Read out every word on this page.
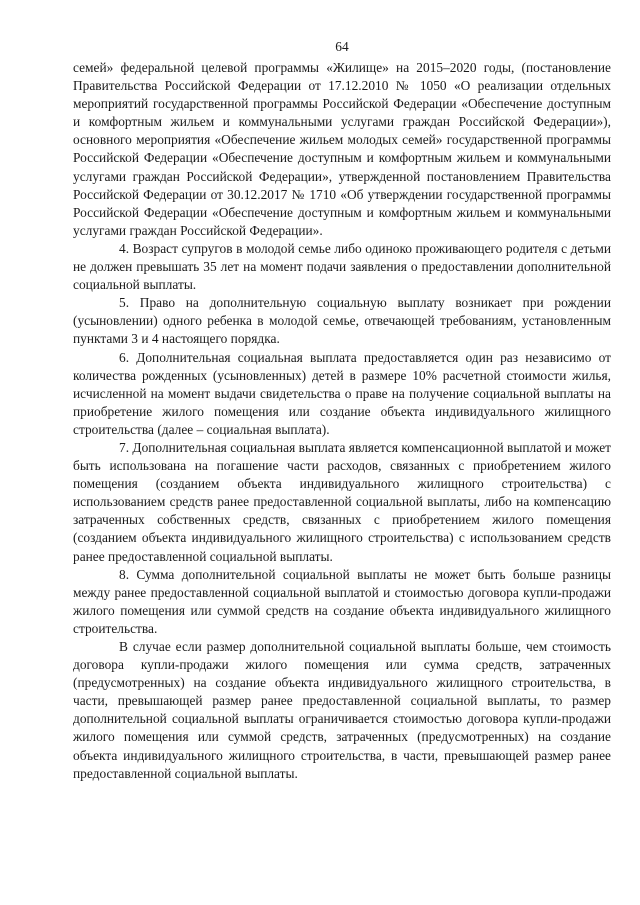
64

семей» федеральной целевой программы «Жилище» на 2015–2020 годы, (постановление Правительства Российской Федерации от 17.12.2010 № 1050 «О реализации отдельных мероприятий государственной программы Российской Федерации «Обеспечение доступным и комфортным жильем и коммунальными услугами граждан Российской Федерации»), основного мероприятия «Обеспечение жильем молодых семей» государственной программы Российской Федерации «Обеспечение доступным и комфортным жильем и коммунальными услугами граждан Российской Федерации», утвержденной постановлением Правительства Российской Федерации от 30.12.2017 № 1710 «Об утверждении государственной программы Российской Федерации «Обеспечение доступным и комфортным жильем и коммунальными услугами граждан Российской Федерации».

4. Возраст супругов в молодой семье либо одиноко проживающего родителя с детьми не должен превышать 35 лет на момент подачи заявления о предоставлении дополнительной социальной выплаты.

5. Право на дополнительную социальную выплату возникает при рождении (усыновлении) одного ребенка в молодой семье, отвечающей требованиям, установленным пунктами 3 и 4 настоящего порядка.

6. Дополнительная социальная выплата предоставляется один раз независимо от количества рожденных (усыновленных) детей в размере 10% расчетной стоимости жилья, исчисленной на момент выдачи свидетельства о праве на получение социальной выплаты на приобретение жилого помещения или создание объекта индивидуального жилищного строительства (далее – социальная выплата).

7. Дополнительная социальная выплата является компенсационной выплатой и может быть использована на погашение части расходов, связанных с приобретением жилого помещения (созданием объекта индивидуального жилищного строительства) с использованием средств ранее предоставленной социальной выплаты, либо на компенсацию затраченных собственных средств, связанных с приобретением жилого помещения (созданием объекта индивидуального жилищного строительства) с использованием средств ранее предоставленной социальной выплаты.

8. Сумма дополнительной социальной выплаты не может быть больше разницы между ранее предоставленной социальной выплатой и стоимостью договора купли-продажи жилого помещения или суммой средств на создание объекта индивидуального жилищного строительства.

В случае если размер дополнительной социальной выплаты больше, чем стоимость договора купли-продажи жилого помещения или сумма средств, затраченных (предусмотренных) на создание объекта индивидуального жилищного строительства, в части, превышающей размер ранее предоставленной социальной выплаты, то размер дополнительной социальной выплаты ограничивается стоимостью договора купли-продажи жилого помещения или суммой средств, затраченных (предусмотренных) на создание объекта индивидуального жилищного строительства, в части, превышающей размер ранее предоставленной социальной выплаты.
